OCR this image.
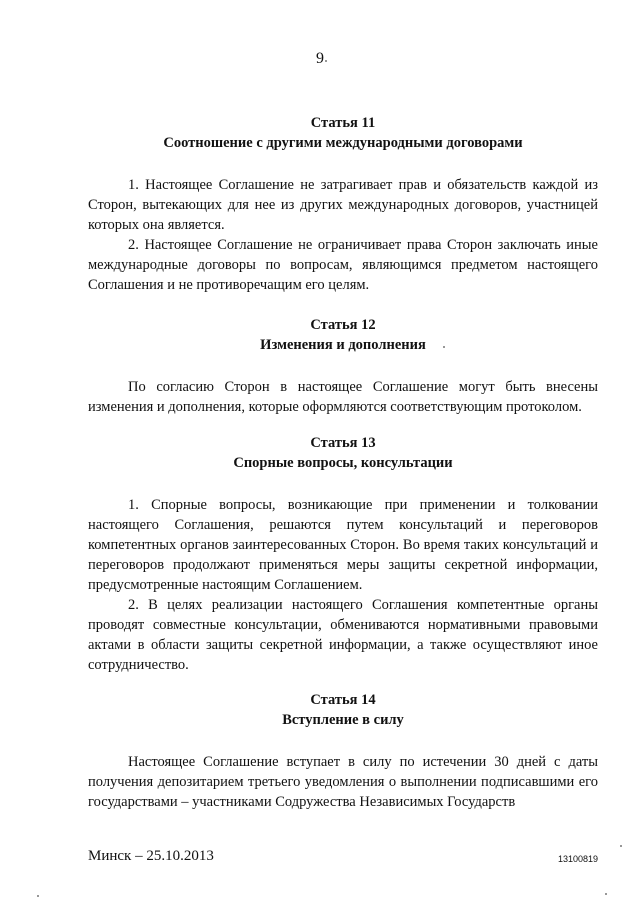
9
Статья 11
Соотношение с другими международными договорами

1. Настоящее Соглашение не затрагивает прав и обязательств каждой из Сторон, вытекающих для нее из других международных договоров, участницей которых она является.

2. Настоящее Соглашение не ограничивает права Сторон заключать иные международные договоры по вопросам, являющимся предметом настоящего Соглашения и не противоречащим его целям.

Статья 12
Изменения и дополнения

По согласию Сторон в настоящее Соглашение могут быть внесены изменения и дополнения, которые оформляются соответствующим протоколом.

Статья 13
Спорные вопросы, консультации

1. Спорные вопросы, возникающие при применении и толковании настоящего Соглашения, решаются путем консультаций и переговоров компетентных органов заинтересованных Сторон. Во время таких консультаций и переговоров продолжают применяться меры защиты секретной информации, предусмотренные настоящим Соглашением.

2. В целях реализации настоящего Соглашения компетентные органы проводят совместные консультации, обмениваются нормативными правовыми актами в области защиты секретной информации, а также осуществляют иное сотрудничество.

Статья 14
Вступление в силу

Настоящее Соглашение вступает в силу по истечении 30 дней с даты получения депозитарием третьего уведомления о выполнении подписавшими его государствами – участниками Содружества Независимых Государств

Минск – 25.10.2013	13100819
